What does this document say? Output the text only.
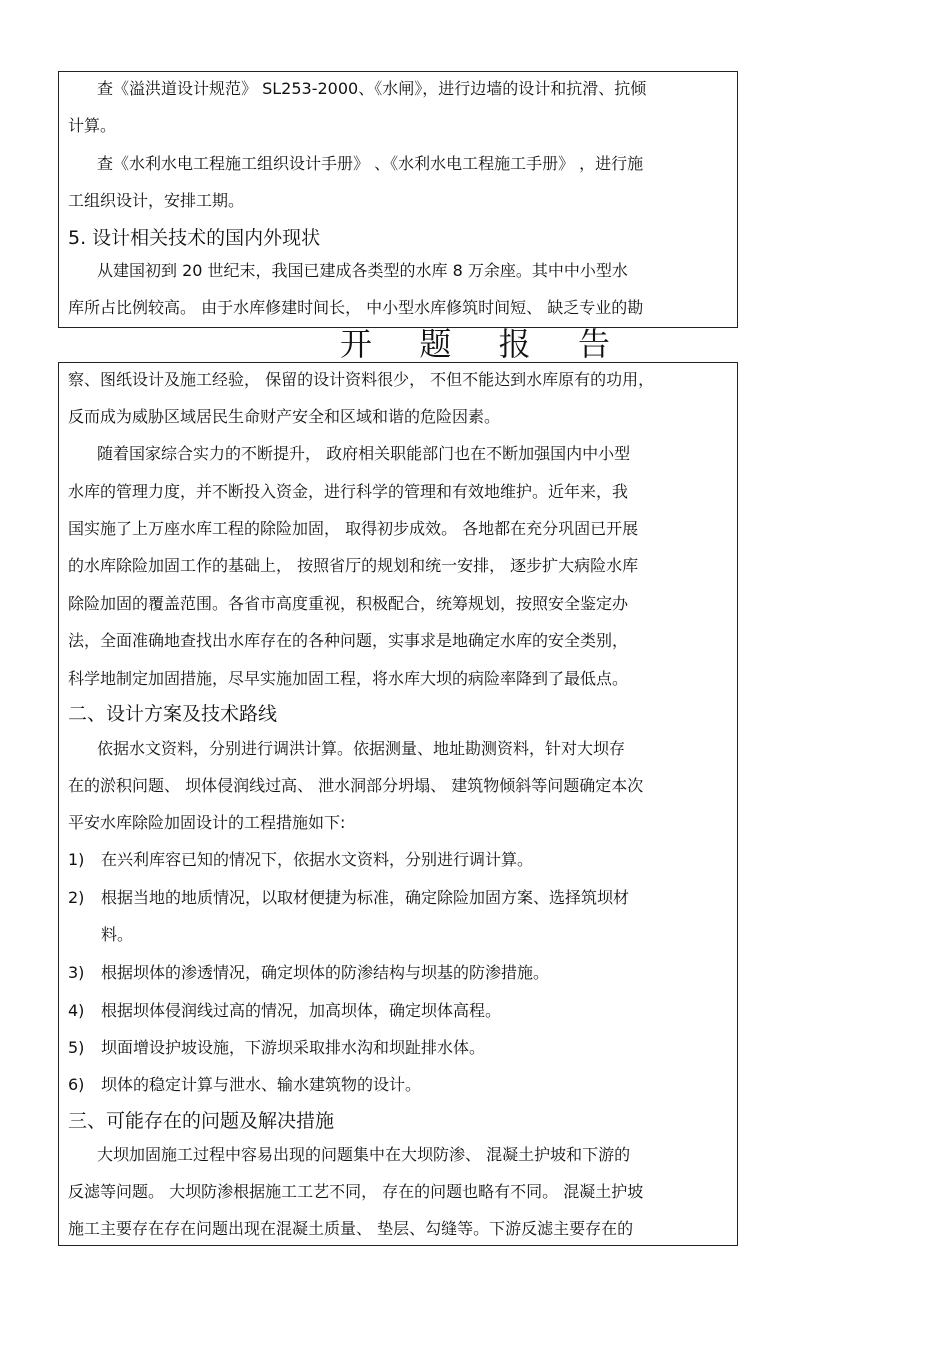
查《溢洪道设计规范》 SL253-2000、《水闸》，进行边墙的设计和抗滑、抗倾
计算。
查《水利水电工程施工组织设计手册》 、《水利水电工程施工手册》 ，进行施
工组织设计，安排工期。
5. 设计相关技术的国内外现状
从建国初到 20 世纪末，我国已建成各类型的水库 8 万余座。其中中小型水
库所占比例较高。 由于水库修建时间长， 中小型水库修筑时间短、 缺乏专业的勘
开 题 报 告
察、图纸设计及施工经验， 保留的设计资料很少， 不但不能达到水库原有的功用，
反而成为威胁区域居民生命财产安全和区域和谐的危险因素。
随着国家综合实力的不断提升， 政府相关职能部门也在不断加强国内中小型
水库的管理力度，并不断投入资金，进行科学的管理和有效地维护。近年来，我
国实施了上万座水库工程的除险加固， 取得初步成效。 各地都在充分巩固已开展
的水库除险加固工作的基础上， 按照省厅的规划和统一安排， 逐步扩大病险水库
除险加固的覆盖范围。各省市高度重视，积极配合，统筹规划，按照安全鉴定办
法，全面准确地查找出水库存在的各种问题，实事求是地确定水库的安全类别，
科学地制定加固措施，尽早实施加固工程，将水库大坝的病险率降到了最低点。
二、设计方案及技术路线
依据水文资料，分别进行调洪计算。依据测量、地址勘测资料，针对大坝存
在的淤积问题、 坝体侵润线过高、 泄水洞部分坍塌、 建筑物倾斜等问题确定本次
平安水库除险加固设计的工程措施如下:
1) 在兴利库容已知的情况下，依据水文资料，分别进行调计算。
2) 根据当地的地质情况，以取材便捷为标准，确定除险加固方案、选择筑坝材
料。
3) 根据坝体的渗透情况，确定坝体的防渗结构与坝基的防渗措施。
4) 根据坝体侵润线过高的情况，加高坝体，确定坝体高程。
5) 坝面增设护坡设施，下游坝采取排水沟和坝趾排水体。
6) 坝体的稳定计算与泄水、输水建筑物的设计。
三、可能存在的问题及解决措施
大坝加固施工过程中容易出现的问题集中在大坝防渗、 混凝土护坡和下游的
反滤等问题。 大坝防渗根据施工工艺不同， 存在的问题也略有不同。 混凝土护坡
施工主要存在存在问题出现在混凝土质量、 垫层、勾缝等。下游反滤主要存在的
